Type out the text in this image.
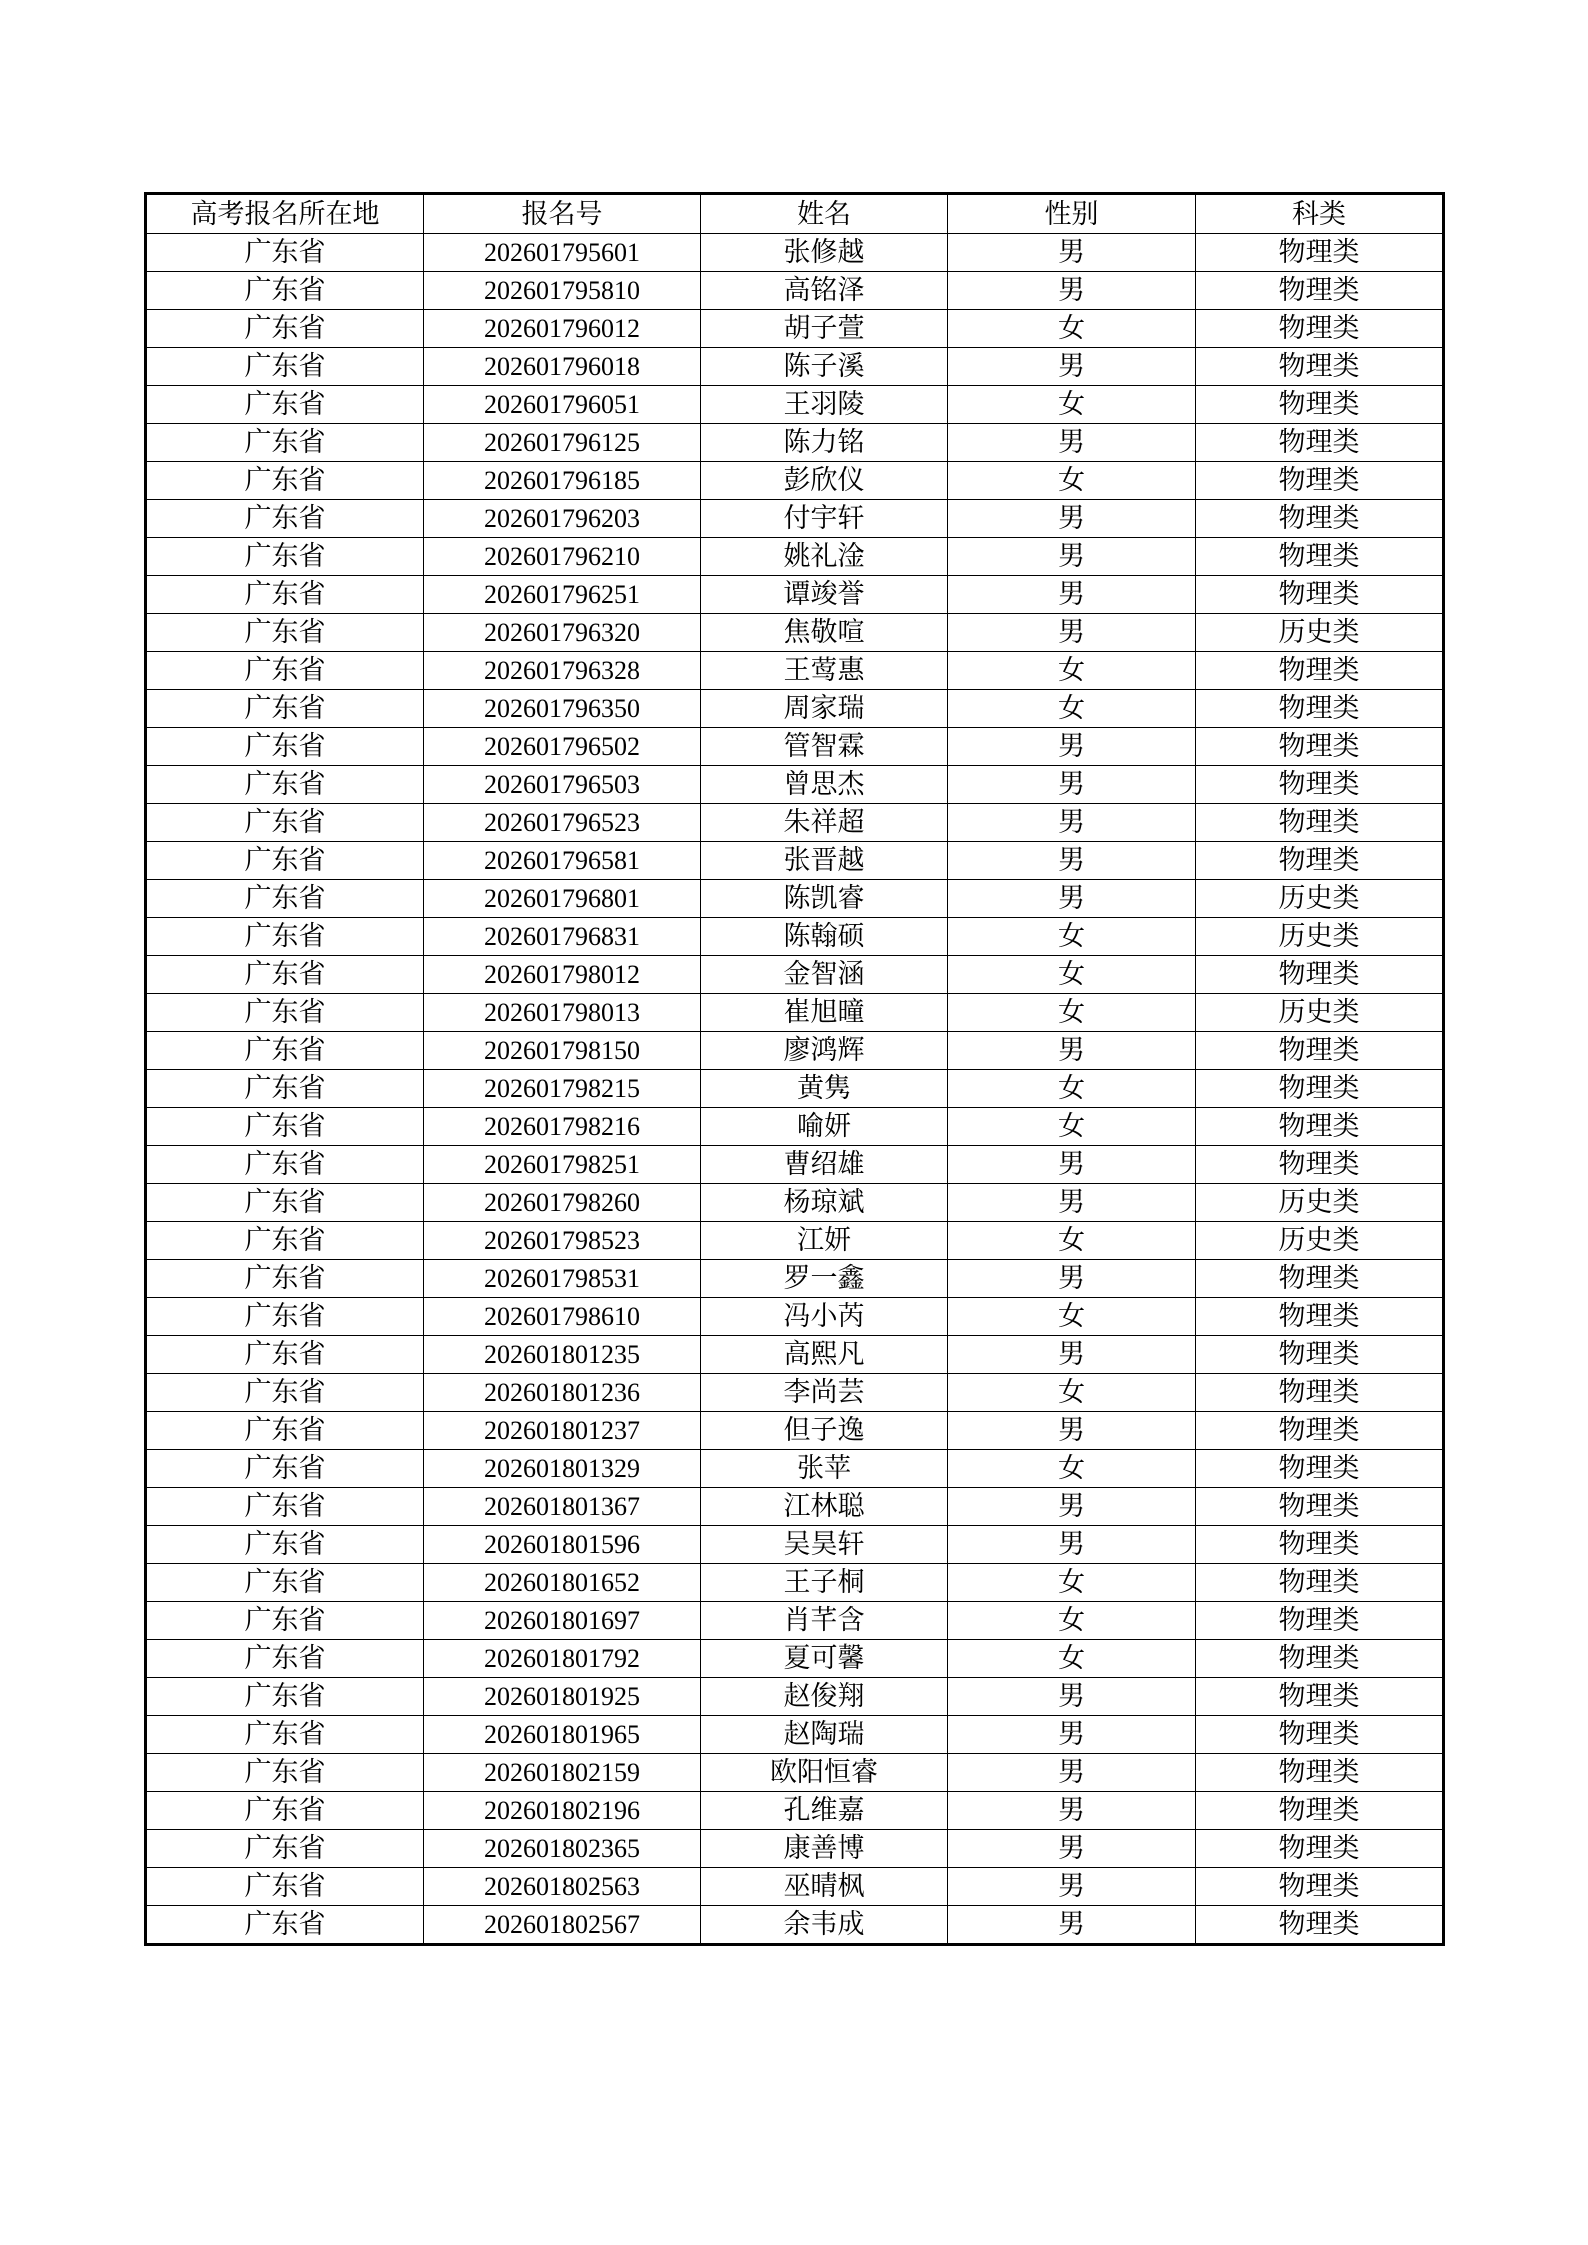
高考报名所在地	报名号	姓名	性别	科类
广东省	202601795601	张修越	男	物理类
广东省	202601795810	高铭泽	男	物理类
广东省	202601796012	胡子萱	女	物理类
广东省	202601796018	陈子溪	男	物理类
广东省	202601796051	王羽陵	女	物理类
广东省	202601796125	陈力铭	男	物理类
广东省	202601796185	彭欣仪	女	物理类
广东省	202601796203	付宇轩	男	物理类
广东省	202601796210	姚礼淦	男	物理类
广东省	202601796251	谭竣誉	男	物理类
广东省	202601796320	焦敬喧	男	历史类
广东省	202601796328	王莺惠	女	物理类
广东省	202601796350	周家瑞	女	物理类
广东省	202601796502	管智霖	男	物理类
广东省	202601796503	曾思杰	男	物理类
广东省	202601796523	朱祥超	男	物理类
广东省	202601796581	张晋越	男	物理类
广东省	202601796801	陈凯睿	男	历史类
广东省	202601796831	陈翰硕	女	历史类
广东省	202601798012	金智涵	女	物理类
广东省	202601798013	崔旭曈	女	历史类
广东省	202601798150	廖鸿辉	男	物理类
广东省	202601798215	黄隽	女	物理类
广东省	202601798216	喻妍	女	物理类
广东省	202601798251	曹绍雄	男	物理类
广东省	202601798260	杨琼斌	男	历史类
广东省	202601798523	江妍	女	历史类
广东省	202601798531	罗一鑫	男	物理类
广东省	202601798610	冯小芮	女	物理类
广东省	202601801235	高熙凡	男	物理类
广东省	202601801236	李尚芸	女	物理类
广东省	202601801237	但子逸	男	物理类
广东省	202601801329	张苹	女	物理类
广东省	202601801367	江林聪	男	物理类
广东省	202601801596	吴昊轩	男	物理类
广东省	202601801652	王子桐	女	物理类
广东省	202601801697	肖芊含	女	物理类
广东省	202601801792	夏可馨	女	物理类
广东省	202601801925	赵俊翔	男	物理类
广东省	202601801965	赵陶瑞	男	物理类
广东省	202601802159	欧阳恒睿	男	物理类
广东省	202601802196	孔维嘉	男	物理类
广东省	202601802365	康善博	男	物理类
广东省	202601802563	巫晴枫	男	物理类
广东省	202601802567	余韦成	男	物理类
